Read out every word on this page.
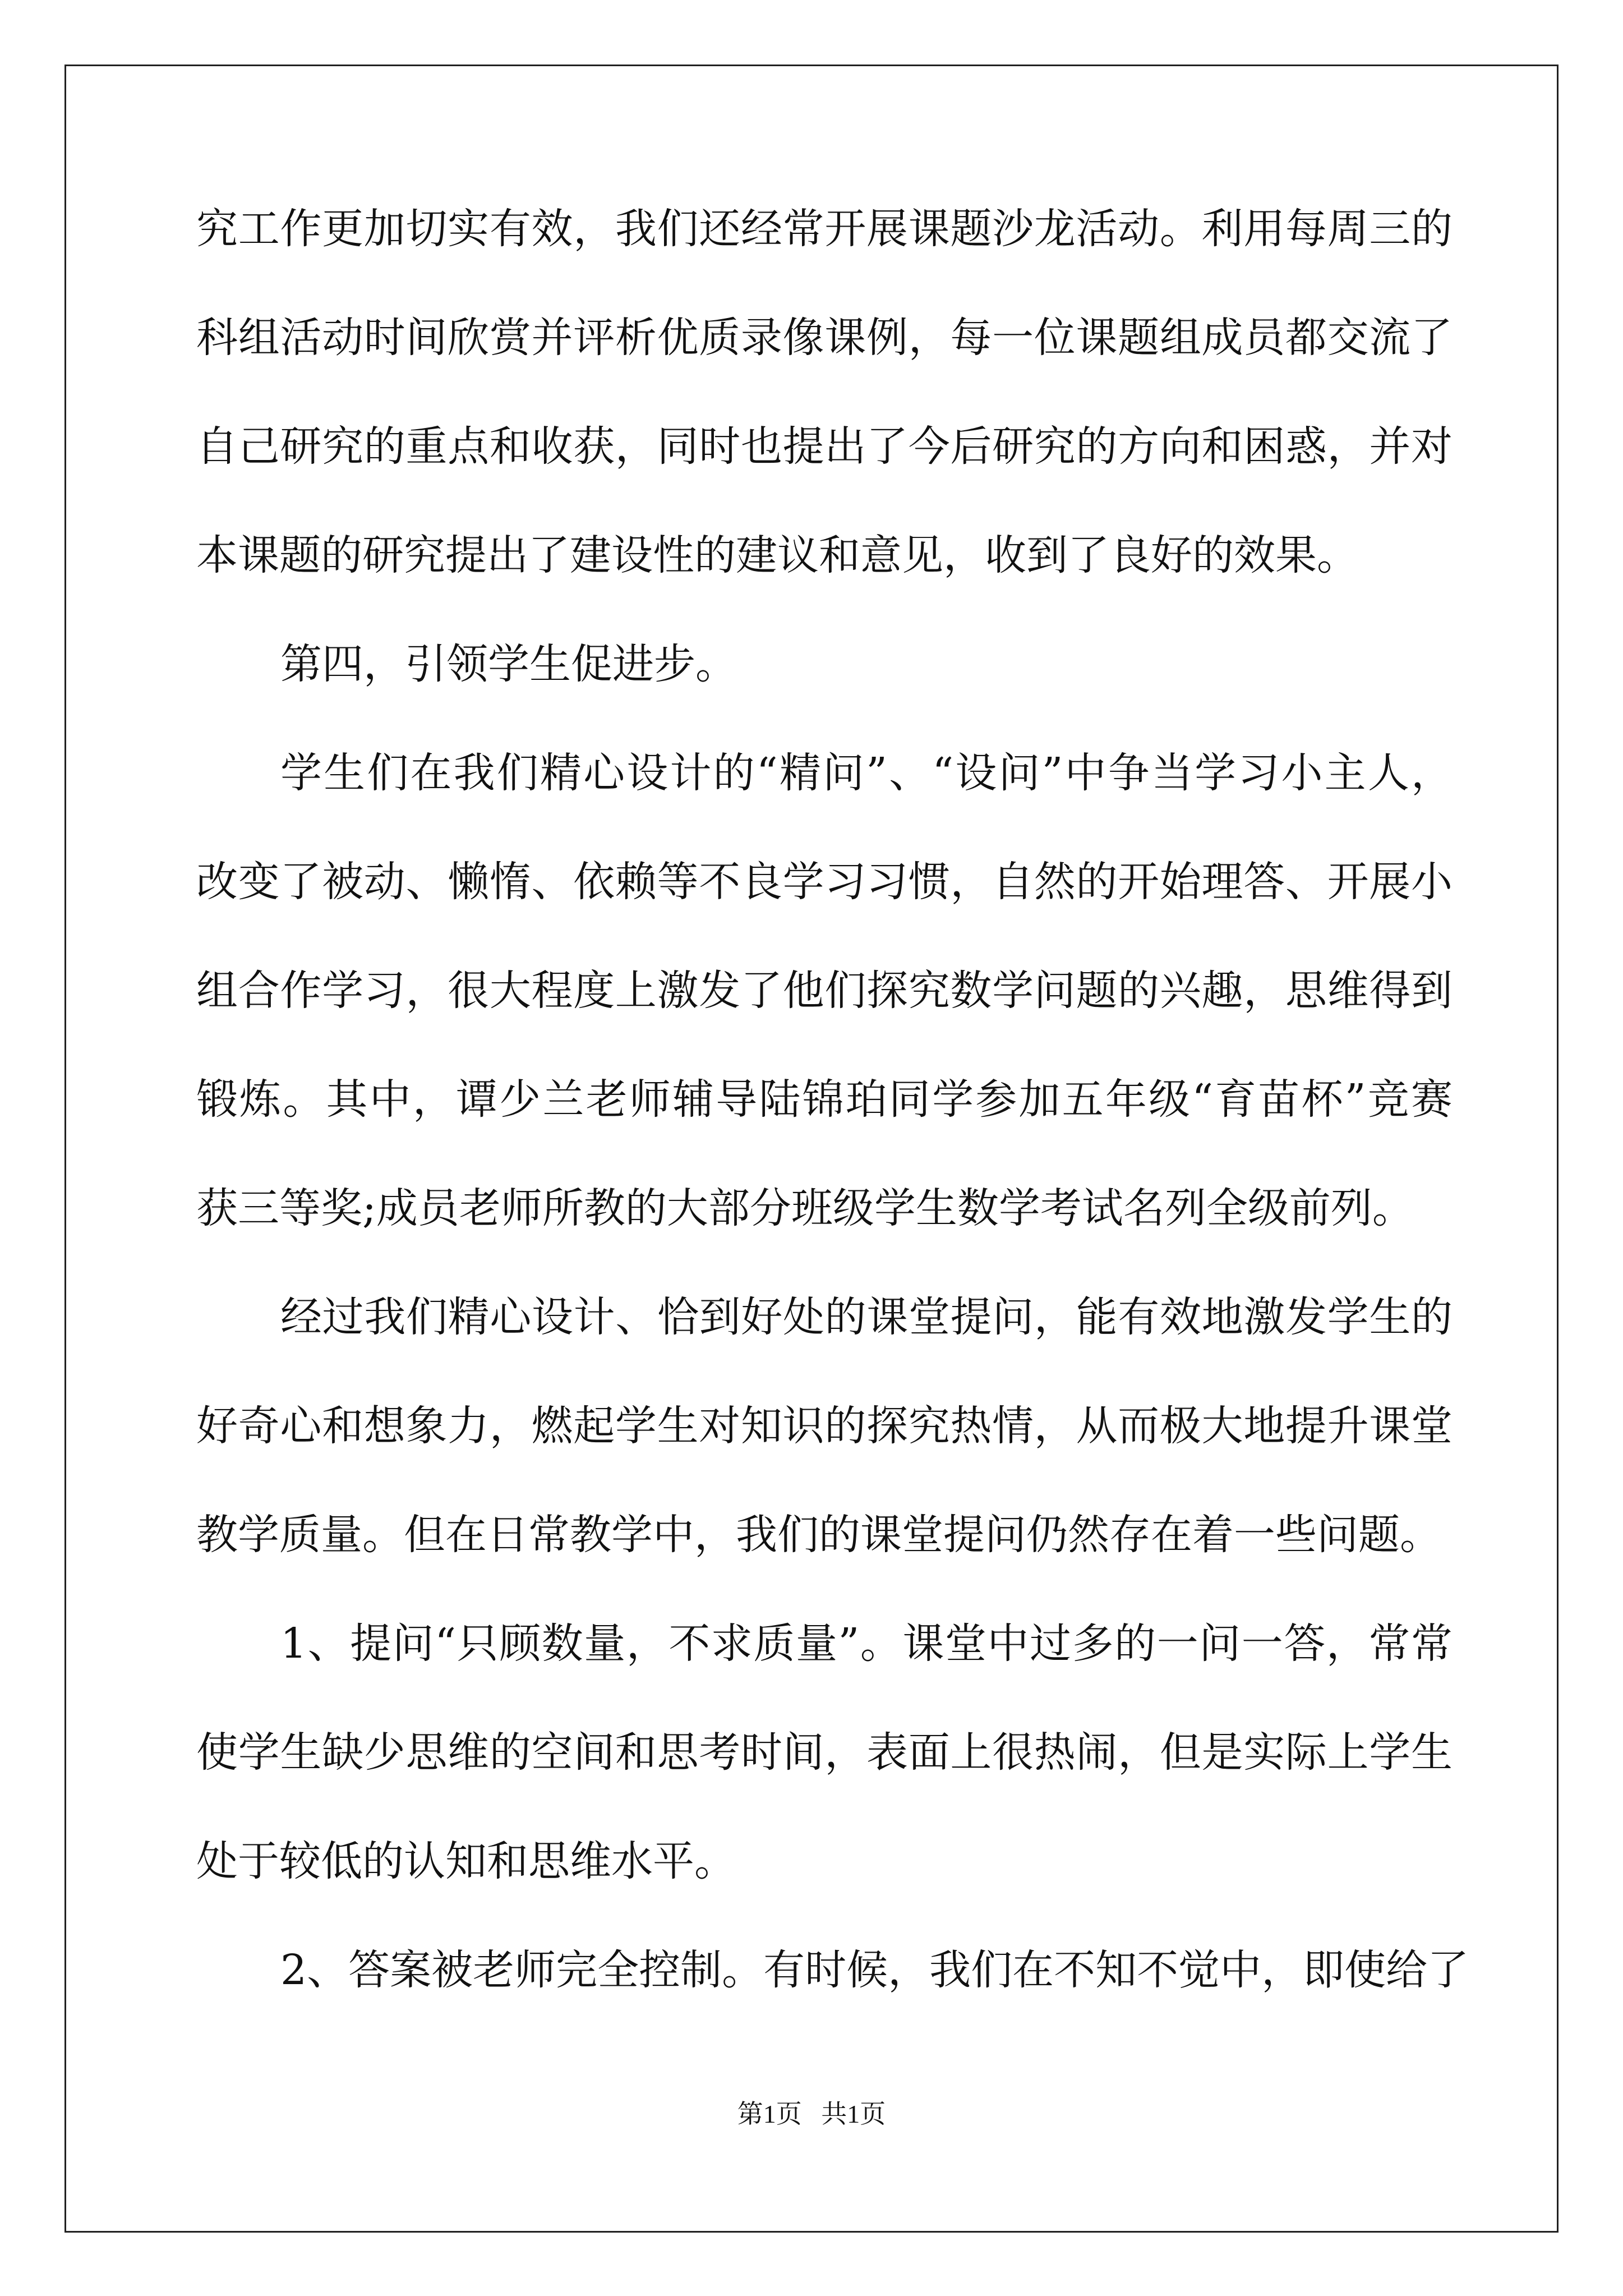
究工作更加切实有效，我们还经常开展课题沙龙活动。利用每周三的
科组活动时间欣赏并评析优质录像课例，每一位课题组成员都交流了
自己研究的重点和收获，同时也提出了今后研究的方向和困惑，并对
本课题的研究提出了建设性的建议和意见，收到了良好的效果。
第四，引领学生促进步。
学生们在我们精心设计的“精问”、“设问”中争当学习小主人，
改变了被动、懒惰、依赖等不良学习习惯，自然的开始理答、开展小
组合作学习，很大程度上激发了他们探究数学问题的兴趣，思维得到
锻炼。其中，谭少兰老师辅导陆锦珀同学参加五年级“育苗杯”竞赛
获三等奖;成员老师所教的大部分班级学生数学考试名列全级前列。
经过我们精心设计、恰到好处的课堂提问，能有效地激发学生的
好奇心和想象力，燃起学生对知识的探究热情，从而极大地提升课堂
教学质量。但在日常教学中，我们的课堂提问仍然存在着一些问题。
1、提问“只顾数量，不求质量”。课堂中过多的一问一答，常常
使学生缺少思维的空间和思考时间，表面上很热闹，但是实际上学生
处于较低的认知和思维水平。
2、答案被老师完全控制。有时候，我们在不知不觉中，即使给了
第1页   共1页
